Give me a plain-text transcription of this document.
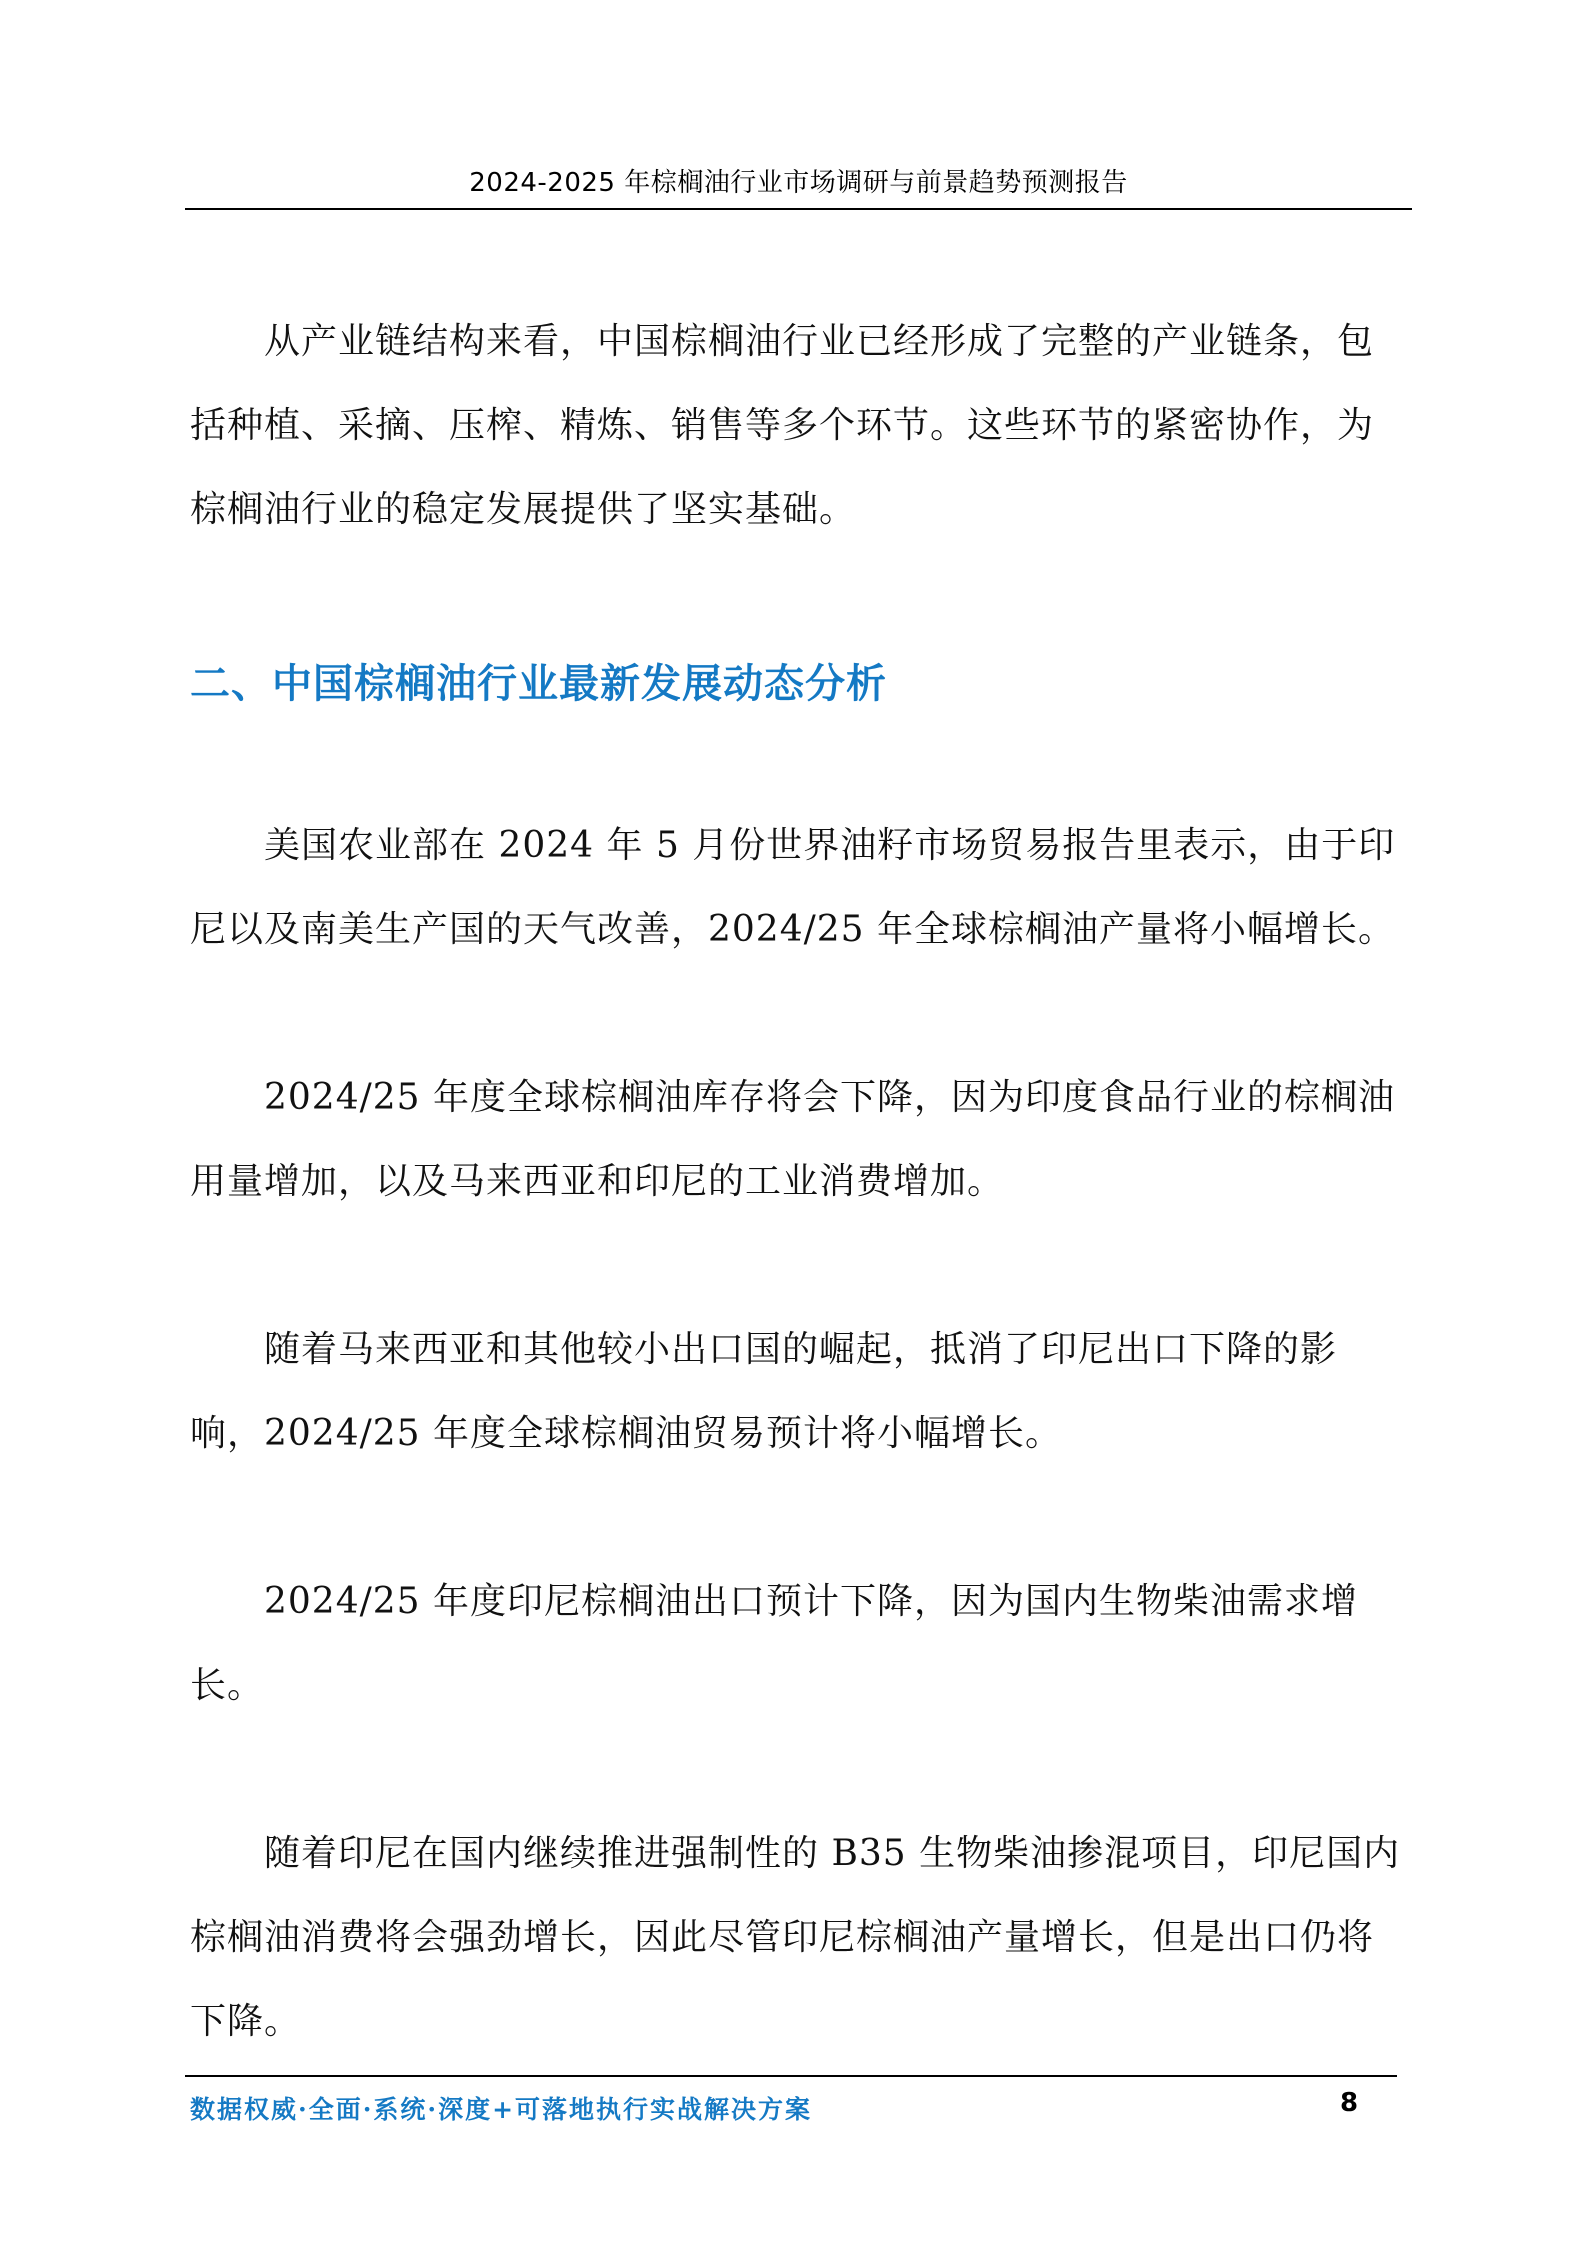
2024-2025 年棕榈油行业市场调研与前景趋势预测报告
从产业链结构来看，中国棕榈油行业已经形成了完整的产业链条，包
括种植、采摘、压榨、精炼、销售等多个环节。这些环节的紧密协作，为
棕榈油行业的稳定发展提供了坚实基础。
二、中国棕榈油行业最新发展动态分析
美国农业部在 2024 年 5 月份世界油籽市场贸易报告里表示，由于印
尼以及南美生产国的天气改善，2024/25 年全球棕榈油产量将小幅增长。
2024/25 年度全球棕榈油库存将会下降，因为印度食品行业的棕榈油
用量增加，以及马来西亚和印尼的工业消费增加。
随着马来西亚和其他较小出口国的崛起，抵消了印尼出口下降的影
响，2024/25 年度全球棕榈油贸易预计将小幅增长。
2024/25 年度印尼棕榈油出口预计下降，因为国内生物柴油需求增
长。
随着印尼在国内继续推进强制性的 B35 生物柴油掺混项目，印尼国内
棕榈油消费将会强劲增长，因此尽管印尼棕榈油产量增长，但是出口仍将
下降。
数据权威·全面·系统·深度+可落地执行实战解决方案	8
